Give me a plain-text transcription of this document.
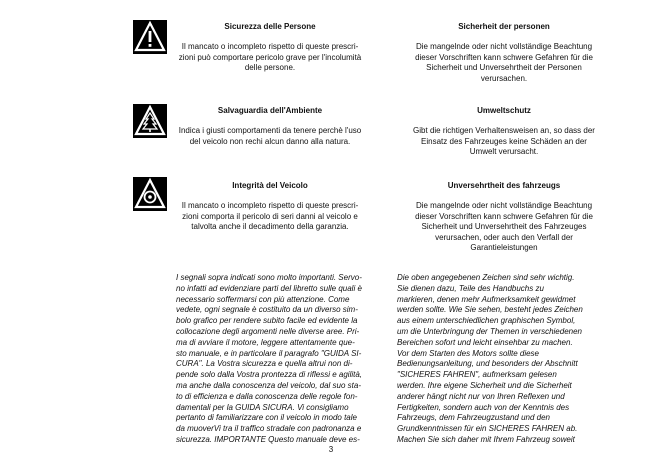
Sicurezza delle Persone

Il mancato o incompleto rispetto di queste prescri-
zioni può comportare pericolo grave per l'incolumità
delle persone.

Sicherheit der personen

Die mangelnde oder nicht vollständige Beachtung
dieser Vorschriften kann schwere Gefahren für die
Sicherheit und Unversehrtheit der Personen
verursachen.

Salvaguardia dell'Ambiente

Indica i giusti comportamenti da tenere perchè l'uso
del veicolo non rechi alcun danno alla natura.

Umweltschutz

Gibt die richtigen Verhaltensweisen an, so dass der
Einsatz des Fahrzeuges keine Schäden an der
Umwelt verursacht.

Integrità del Veicolo

Il mancato o incompleto rispetto di queste prescri-
zioni comporta il pericolo di seri danni al veicolo e
talvolta anche il decadimento della garanzia.

Unversehrtheit des fahrzeugs

Die mangelnde oder nicht vollständige Beachtung
dieser Vorschriften kann schwere Gefahren für die
Sicherheit und Unversehrtheit des Fahrzeuges
verursachen, oder auch den Verfall der
Garantieleistungen

I segnali sopra indicati sono molto importanti. Servo-
no infatti ad evidenziare parti del libretto sulle quali è
necessario soffermarsi con più attenzione. Come
vedete, ogni segnale è costituito da un diverso sim-
bolo grafico per rendere subito facile ed evidente la
collocazione degli argomenti nelle diverse aree. Pri-
ma di avviare il motore, leggere attentamente que-
sto manuale, e in particolare il paragrafo "GUIDA SI-
CURA". La Vostra sicurezza e quella altrui non di-
pende solo dalla Vostra prontezza di riflessi e agilità,
ma anche dalla conoscenza del veicolo, dal suo sta-
to di efficienza e dalla conoscenza delle regole fon-
damentali per la GUIDA SICURA. Vi consigliamo
pertanto di familiarizzare con il veicolo in modo tale
da muoverVi tra il traffico stradale con padronanza e
sicurezza. IMPORTANTE Questo manuale deve es-
Die oben angegebenen Zeichen sind sehr wichtig.
Sie dienen dazu, Teile des Handbuchs zu
markieren, denen mehr Aufmerksamkeit gewidmet
werden sollte. Wie Sie sehen, besteht jedes Zeichen
aus einem unterschiedlichen graphischen Symbol,
um die Unterbringung der Themen in verschiedenen
Bereichen sofort und leicht einsehbar zu machen.
Vor dem Starten des Motors sollte diese
Bedienungsanleitung, und besonders der Abschnitt
"SICHERES FAHREN", aufmerksam gelesen
werden. Ihre eigene Sicherheit und die Sicherheit
anderer hängt nicht nur von Ihren Reflexen und
Fertigkeiten, sondern auch von der Kenntnis des
Fahrzeugs, dem Fahrzeugzustand und den
Grundkenntnissen für ein SICHERES FAHREN ab.
Machen Sie sich daher mit Ihrem Fahrzeug soweit
3
